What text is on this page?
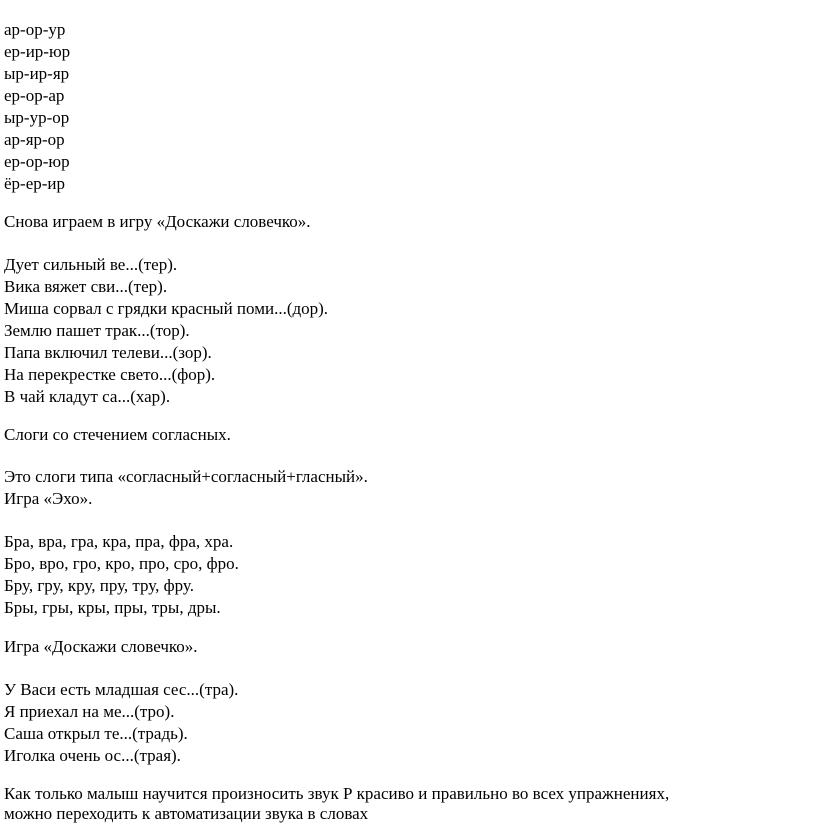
ар-ор-ур
ер-ир-юр
ыр-ир-яр
ер-ор-ар
ыр-ур-ор
ар-яр-ор
ер-ор-юр
ёр-ер-ир
Снова играем в игру «Доскажи словечко».
Дует сильный ве...(тер).
Вика вяжет сви...(тер).
Миша сорвал с грядки красный поми...(дор).
Землю пашет трак...(тор).
Папа включил телеви...(зор).
На перекрестке свето...(фор).
В чай кладут са...(хар).
Слоги со стечением согласных.
Это слоги типа «согласный+согласный+гласный».
Игра «Эхо».
Бра, вра, гра, кра, пра, фра, хра.
Бро, вро, гро, кро, про, сро, фро.
Бру, гру, кру, пру, тру, фру.
Бры, гры, кры, пры, тры, дры.
Игра «Доскажи словечко».
У Васи есть младшая сес...(тра).
Я приехал на ме...(тро).
Саша открыл те...(традь).
Иголка очень ос...(трая).
Как только малыш научится произносить звук Р красиво и правильно во всех упражнениях,
можно переходить к автоматизации звука в словах
